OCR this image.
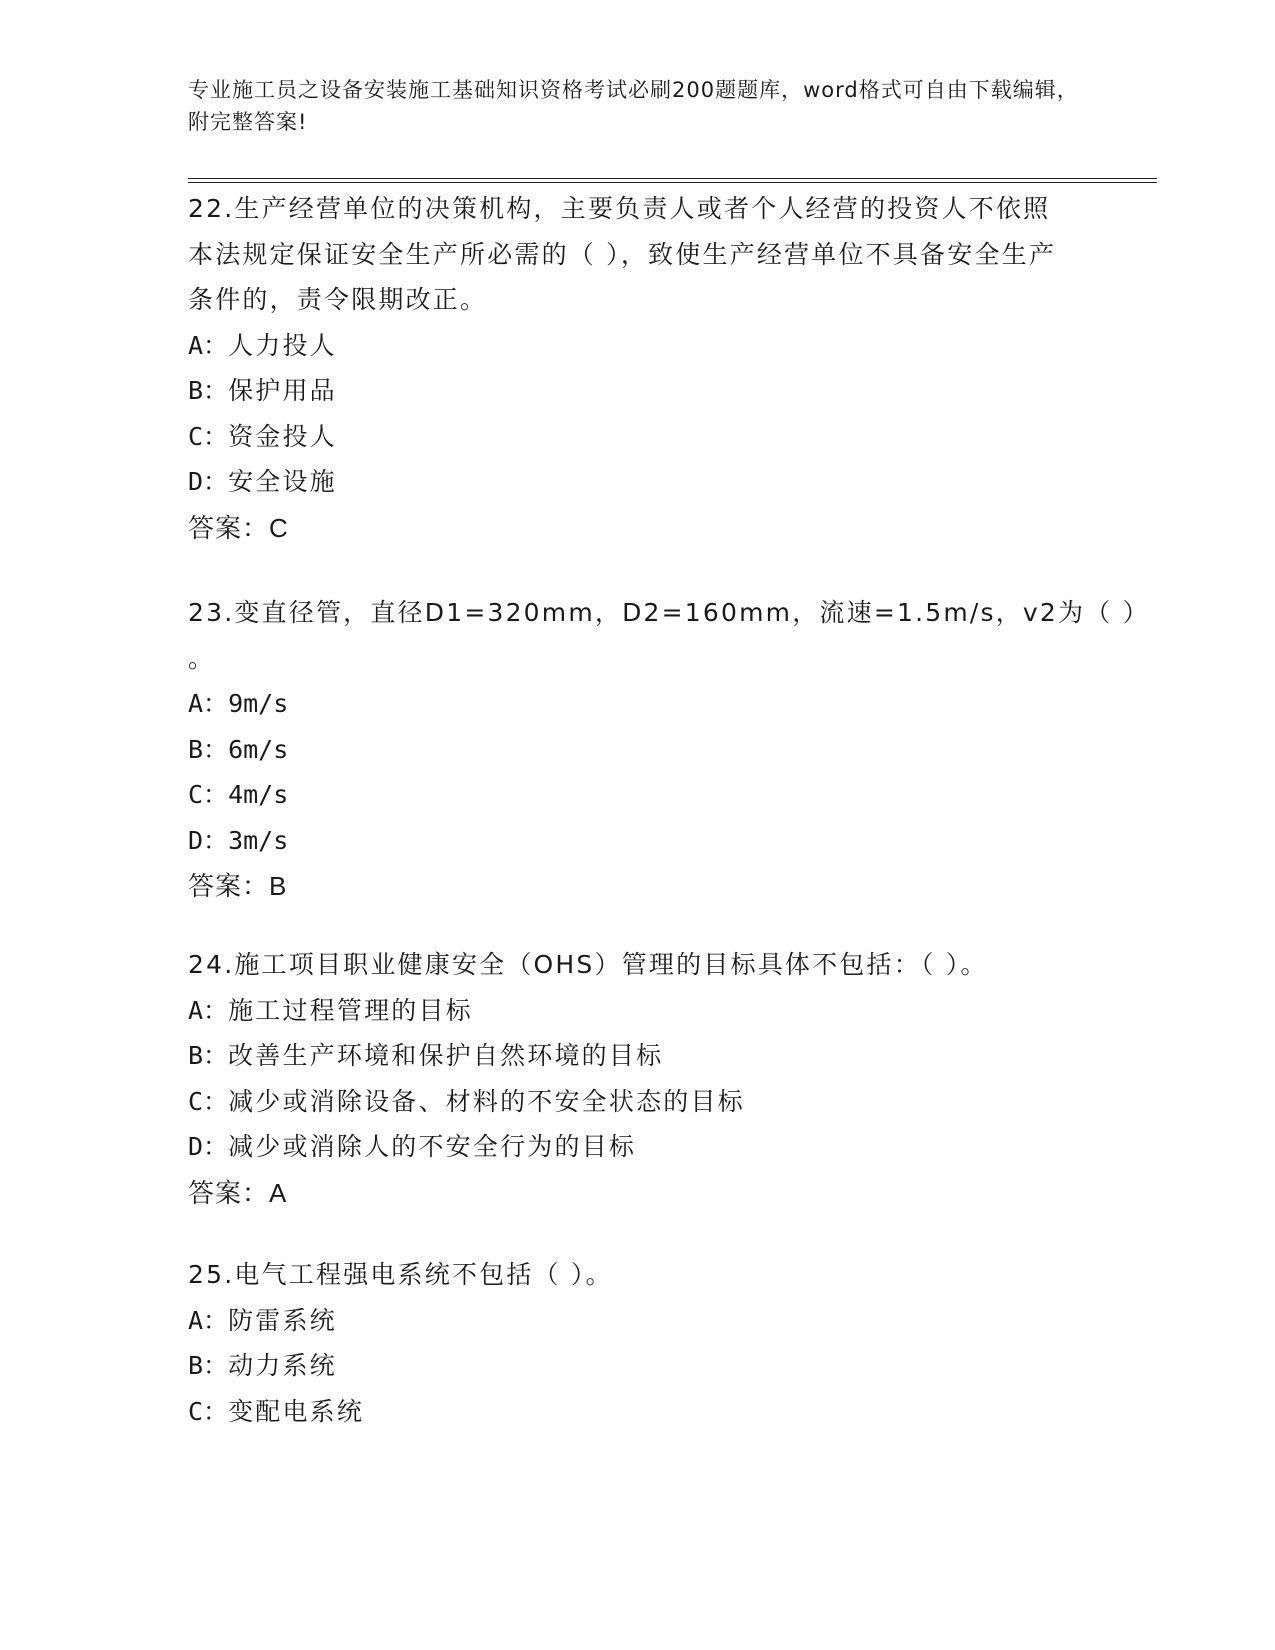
专业施工员之设备安装施工基础知识资格考试必刷200题题库，word格式可自由下载编辑，附完整答案!

22.生产经营单位的决策机构，主要负责人或者个人经营的投资人不依照本法规定保证安全生产所必需的（ ），致使生产经营单位不具备安全生产条件的，责令限期改正。

A：人力投人

B：保护用品

C：资金投人

D：安全设施

答案：C

23.变直径管，直径D1=320mm，D2=160mm，流速=1.5m/s，v2为（ ）

。

A：9m/s

B：6m/s

C：4m/s

D：3m/s

答案：B

24.施工项目职业健康安全（OHS）管理的目标具体不包括：（ ）。

A：施工过程管理的目标

B：改善生产环境和保护自然环境的目标

C：减少或消除设备、材料的不安全状态的目标

D：减少或消除人的不安全行为的目标

答案：A

25.电气工程强电系统不包括（ ）。

A：防雷系统

B：动力系统

C：变配电系统
